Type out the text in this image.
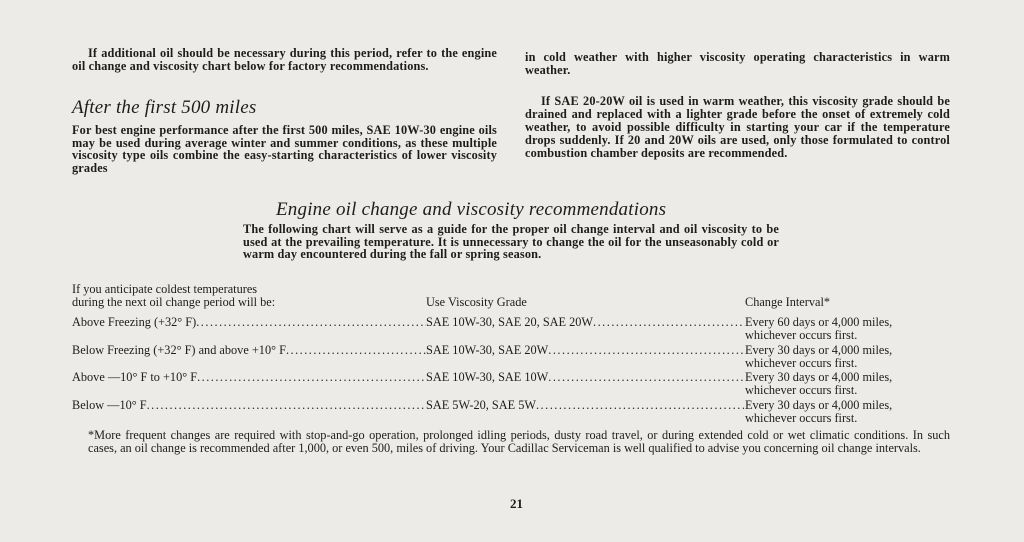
If additional oil should be necessary during this period, refer to the engine oil change and viscosity chart below for factory recommendations.

After the first 500 miles

For best engine performance after the first 500 miles, SAE 10W-30 engine oils may be used during average winter and summer conditions, as these multiple viscosity type oils combine the easy-starting characteristics of lower viscosity grades

in cold weather with higher viscosity operating characteristics in warm weather.

If SAE 20-20W oil is used in warm weather, this viscosity grade should be drained and replaced with a lighter grade before the onset of extremely cold weather, to avoid possible difficulty in starting your car if the temperature drops suddenly. If 20 and 20W oils are used, only those formulated to control combustion chamber deposits are recommended.

Engine oil change and viscosity recommendations

The following chart will serve as a guide for the proper oil change interval and oil viscosity to be used at the prevailing temperature. It is unnecessary to change the oil for the unseasonably cold or warm day encountered during the fall or spring season.

If you anticipate coldest temperatures
during the next oil change period will be:	Use Viscosity Grade	Change Interval*
Above Freezing (+32° F) .....	SAE 10W-30, SAE 20, SAE 20W .....	Every 60 days or 4,000 miles,
whichever occurs first.
Below Freezing (+32° F) and above +10° F .....	SAE 10W-30, SAE 20W .....	Every 30 days or 4,000 miles,
whichever occurs first.
Above —10° F to +10° F .....	SAE 10W-30, SAE 10W .....	Every 30 days or 4,000 miles,
whichever occurs first.
Below —10° F .....	SAE 5W-20, SAE 5W .....	Every 30 days or 4,000 miles,
whichever occurs first.
*More frequent changes are required with stop-and-go operation, prolonged idling periods, dusty road travel, or during extended cold or wet climatic conditions. In such cases, an oil change is recommended after 1,000, or even 500, miles of driving. Your Cadillac Serviceman is well qualified to advise you concerning oil change intervals.
21
